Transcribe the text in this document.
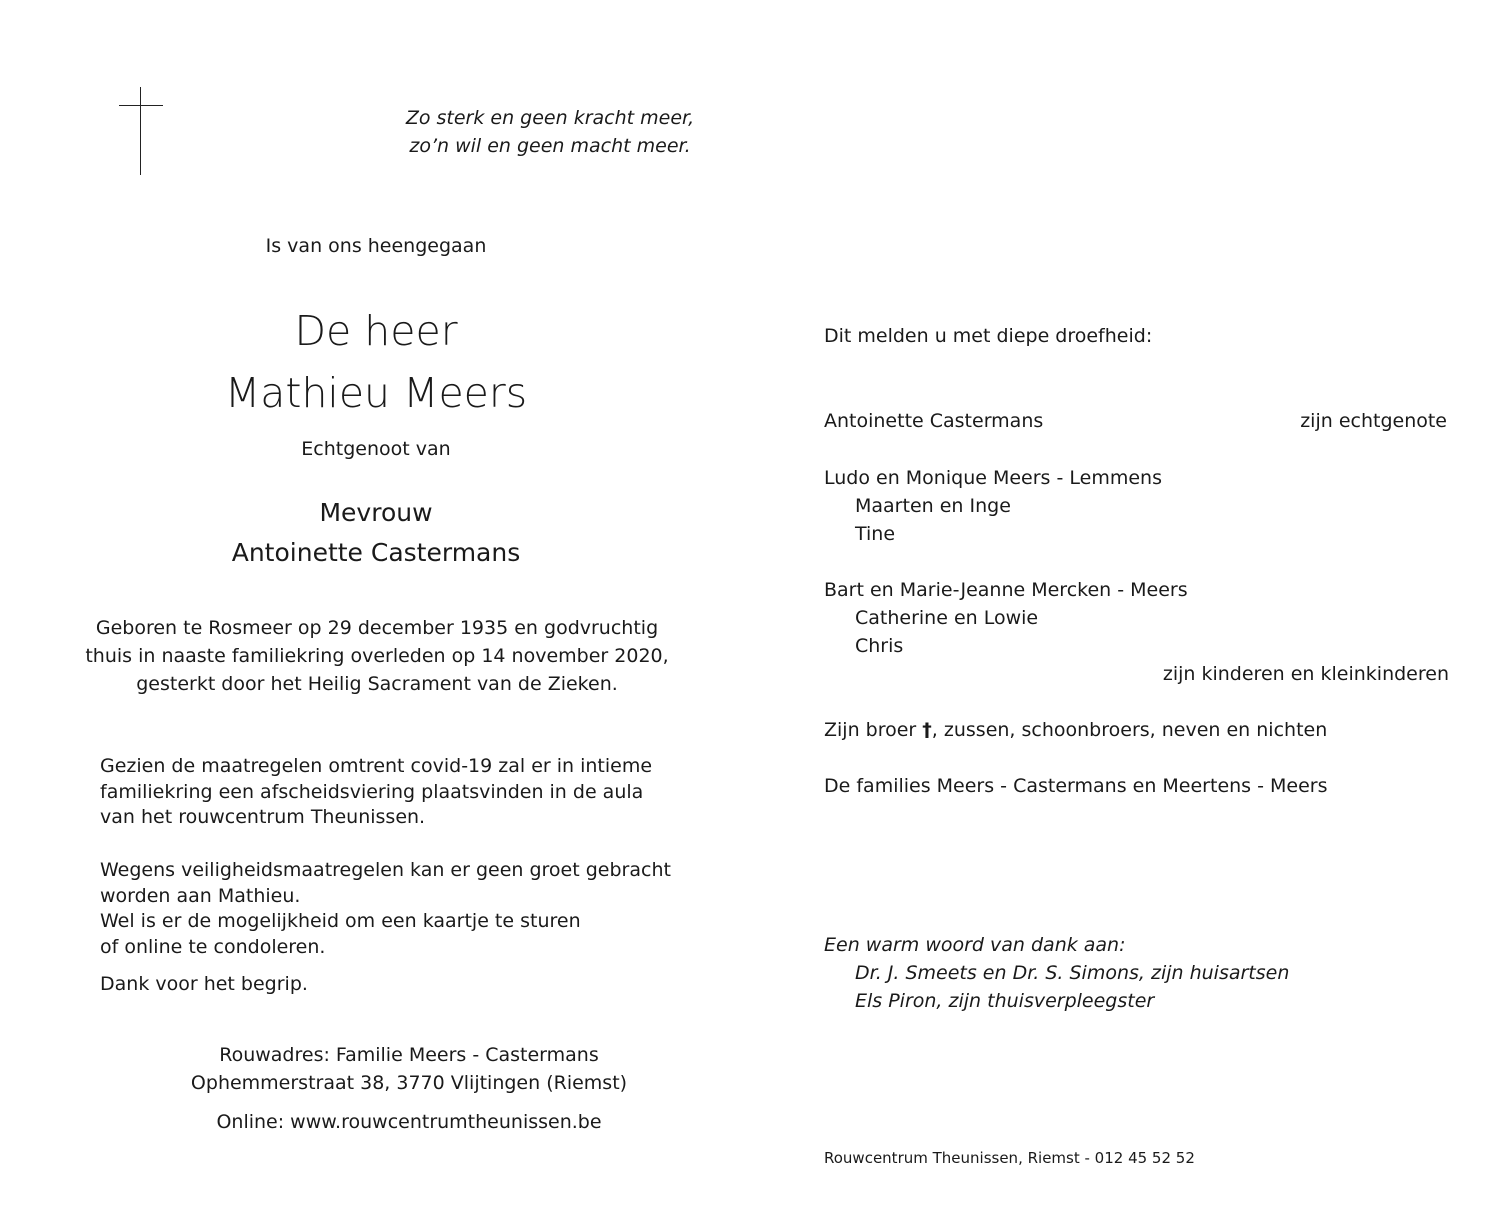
Zo sterk en geen kracht meer,
zo’n wil en geen macht meer.
Is van ons heengegaan
De heer
Mathieu Meers
Echtgenoot van
Mevrouw
Antoinette Castermans
Geboren te Rosmeer op 29 december 1935 en godvruchtig
thuis in naaste familiekring overleden op 14 november 2020,
gesterkt door het Heilig Sacrament van de Zieken.
Gezien de maatregelen omtrent covid-19 zal er in intieme
familiekring een afscheidsviering plaatsvinden in de aula
van het rouwcentrum Theunissen.
Wegens veiligheidsmaatregelen kan er geen groet gebracht
worden aan Mathieu.
Wel is er de mogelijkheid om een kaartje te sturen
of online te condoleren.
Dank voor het begrip.
Rouwadres: Familie Meers - Castermans
Ophemmerstraat 38, 3770 Vlijtingen (Riemst)
Online: www.rouwcentrumtheunissen.be
Dit melden u met diepe droefheid:
Antoinette Castermans	zijn echtgenote
Ludo en Monique Meers - Lemmens
Maarten en Inge
Tine
Bart en Marie-Jeanne Mercken - Meers
Catherine en Lowie
Chris
zijn kinderen en kleinkinderen
Zijn broer †, zussen, schoonbroers, neven en nichten
De families Meers - Castermans en Meertens - Meers
Een warm woord van dank aan:
Dr. J. Smeets en Dr. S. Simons, zijn huisartsen
Els Piron, zijn thuisverpleegster
Rouwcentrum Theunissen, Riemst - 012 45 52 52
